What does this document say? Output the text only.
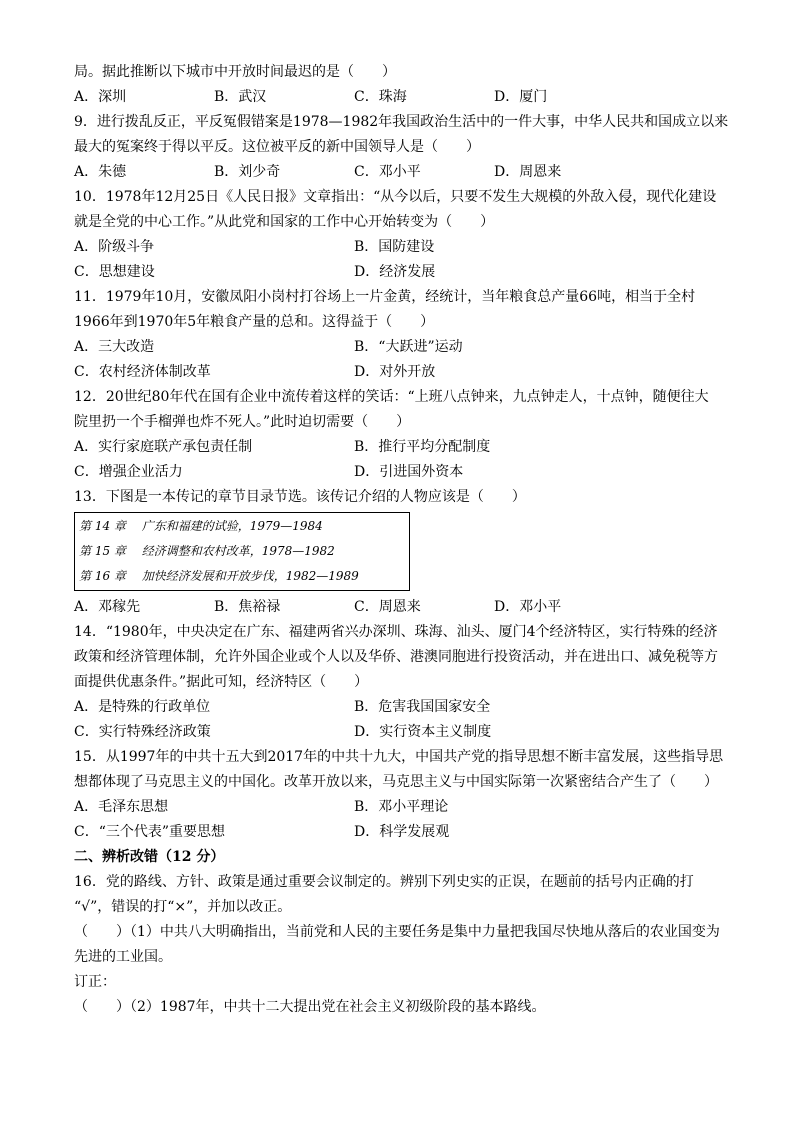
局。据此推断以下城市中开放时间最迟的是（　　）
A．深圳	B．武汉	C．珠海	D．厦门
9．进行拨乱反正，平反冤假错案是1978—1982年我国政治生活中的一件大事，中华人民共和国成立以来
最大的冤案终于得以平反。这位被平反的新中国领导人是（　　）
A．朱德	B．刘少奇	C．邓小平	D．周恩来
10．1978年12月25日《人民日报》文章指出：“从今以后，只要不发生大规模的外敌入侵，现代化建设
就是全党的中心工作。”从此党和国家的工作中心开始转变为（　　）
A．阶级斗争	B．国防建设
C．思想建设	D．经济发展
11．1979年10月，安徽凤阳小岗村打谷场上一片金黄，经统计，当年粮食总产量66吨，相当于全村
1966年到1970年5年粮食产量的总和。这得益于（　　）
A．三大改造	B．“大跃进”运动
C．农村经济体制改革	D．对外开放
12．20世纪80年代在国有企业中流传着这样的笑话：“上班八点钟来，九点钟走人，十点钟，随便往大
院里扔一个手榴弹也炸不死人。”此时迫切需要（　　）
A．实行家庭联产承包责任制	B．推行平均分配制度
C．增强企业活力	D．引进国外资本
13．下图是一本传记的章节目录节选。该传记介绍的人物应该是（　　）
第 14 章　 广东和福建的试验，1979—1984
第 15 章　 经济调整和农村改革，1978—1982
第 16 章　 加快经济发展和开放步伐，1982—1989
A．邓稼先	B．焦裕禄	C．周恩来	D．邓小平
14．“1980年，中央决定在广东、福建两省兴办深圳、珠海、汕头、厦门4个经济特区，实行特殊的经济
政策和经济管理体制，允许外国企业或个人以及华侨、港澳同胞进行投资活动，并在进出口、减免税等方
面提供优惠条件。”据此可知，经济特区（　　）
A．是特殊的行政单位	B．危害我国国家安全
C．实行特殊经济政策	D．实行资本主义制度
15．从1997年的中共十五大到2017年的中共十九大，中国共产党的指导思想不断丰富发展，这些指导思
想都体现了马克思主义的中国化。改革开放以来，马克思主义与中国实际第一次紧密结合产生了（　　）
A．毛泽东思想	B．邓小平理论
C．“三个代表”重要思想	D．科学发展观
二、辨析改错（12 分）
16．党的路线、方针、政策是通过重要会议制定的。辨别下列史实的正误，在题前的括号内正确的打
“√”，错误的打“×”，并加以改正。
（　　）（1）中共八大明确指出，当前党和人民的主要任务是集中力量把我国尽快地从落后的农业国变为
先进的工业国。
订正：
（　　）（2）1987年，中共十二大提出党在社会主义初级阶段的基本路线。
